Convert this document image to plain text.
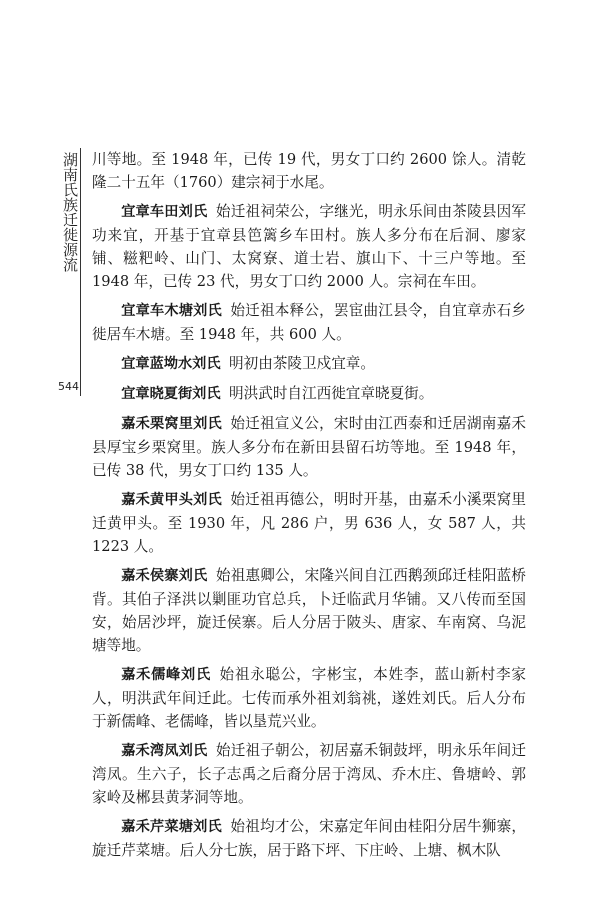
湖南氏族迁徙源流
544

川等地。至 1948 年，已传 19 代，男女丁口约 2600 馀人。清乾隆二十五年（1760）建宗祠于水尾。

宜章车田刘氏 始迁祖祠荣公，字继光，明永乐间由茶陵县因军功来宜，开基于宜章县笆篱乡车田村。族人多分布在后洞、廖家铺、糍粑岭、山门、太窝寮、道士岩、旗山下、十三户等地。至 1948 年，已传 23 代，男女丁口约 2000 人。宗祠在车田。

宜章车木塘刘氏 始迁祖本释公，罢宦曲江县令，自宜章赤石乡徙居车木塘。至 1948 年，共 600 人。

宜章蓝坳水刘氏 明初由茶陵卫戍宜章。

宜章晓夏街刘氏 明洪武时自江西徙宜章晓夏街。

嘉禾栗窝里刘氏 始迁祖宣义公，宋时由江西泰和迁居湖南嘉禾县厚宝乡栗窝里。族人多分布在新田县留石坊等地。至 1948 年，已传 38 代，男女丁口约 135 人。

嘉禾黄甲头刘氏 始迁祖再德公，明时开基，由嘉禾小溪栗窝里迁黄甲头。至 1930 年，凡 286 户，男 636 人，女 587 人，共 1223 人。

嘉禾侯寨刘氏 始祖惠卿公，宋隆兴间自江西鹅颈邱迁桂阳蓝桥背。其伯子泽洪以剿匪功官总兵，卜迁临武月华铺。又八传而至国安，始居沙坪，旋迁侯寨。后人分居于陂头、唐家、车南窝、乌泥塘等地。

嘉禾儒峰刘氏 始祖永聪公，字彬宝，本姓李，蓝山新村李家人，明洪武年间迁此。七传而承外祖刘翁祧，遂姓刘氏。后人分布于新儒峰、老儒峰，皆以垦荒兴业。

嘉禾湾凤刘氏 始迁祖子朝公，初居嘉禾铜鼓坪，明永乐年间迁湾凤。生六子，长子志禹之后裔分居于湾凤、乔木庄、鲁塘岭、郭家岭及郴县黄茅洞等地。

嘉禾芹菜塘刘氏 始祖均才公，宋嘉定年间由桂阳分居牛狮寨，旋迁芹菜塘。后人分七族，居于路下坪、下庄岭、上塘、枫木队
